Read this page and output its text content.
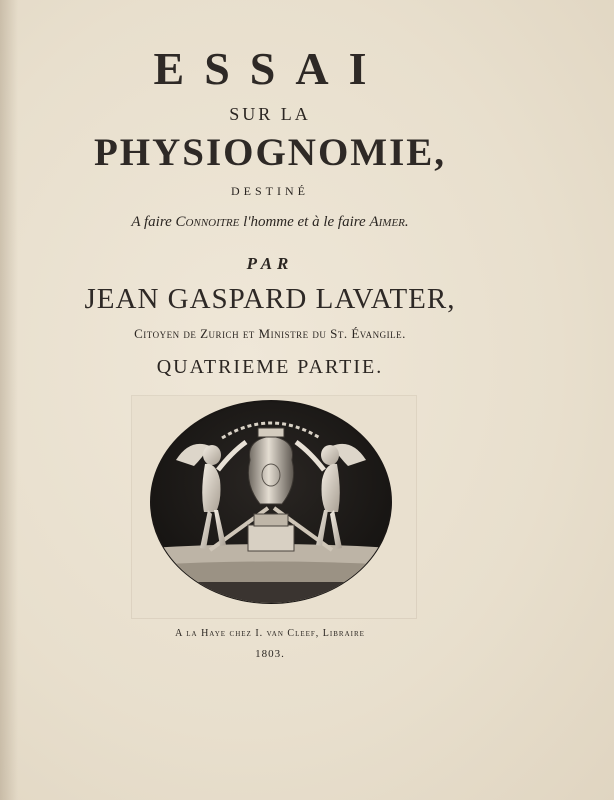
ESSAI
SUR LA
PHYSIOGNOMIE,
DESTINÉ
A faire Connoitre l'homme et à le faire Aimer.
PAR
JEAN GASPARD LAVATER,
Citoyen de Zurich et Ministre du St. Évangile.
QUATRIEME PARTIE.
A la Haye chez I. van Cleef, Libraire
1803.
